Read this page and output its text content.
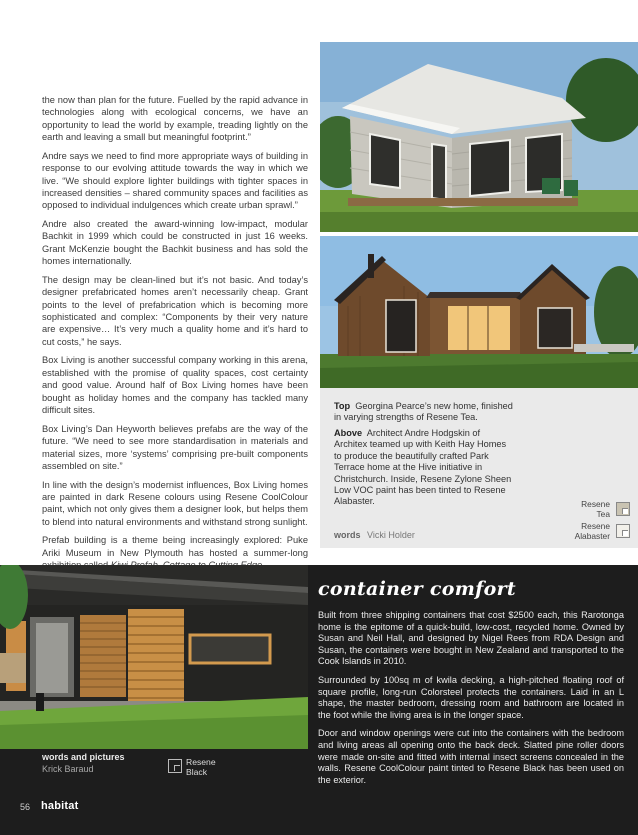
the now than plan for the future. Fuelled by the rapid advance in technologies along with ecological concerns, we have an opportunity to lead the world by example, treading lightly on the earth and leaving a small but meaningful footprint.”

Andre says we need to find more appropriate ways of building in response to our evolving attitude towards the way in which we live. “We should explore lighter buildings with tighter spaces in increased densities – shared community spaces and facilities as opposed to individual indulgences which create urban sprawl.”

Andre also created the award-winning low-impact, modular Bachkit in 1999 which could be constructed in just 16 weeks. Grant McKenzie bought the Bachkit business and has sold the homes internationally.

The design may be clean-lined but it’s not basic. And today’s designer prefabricated homes aren’t necessarily cheap. Grant points to the level of prefabrication which is becoming more sophisticated and complex: “Components by their very nature are expensive… It’s very much a quality home and it’s hard to cut costs,” he says.

Box Living is another successful company working in this arena, established with the promise of quality spaces, cost certainty and good value. Around half of Box Living homes have been bought as holiday homes and the company has tackled many difficult sites.

Box Living’s Dan Heyworth believes prefabs are the way of the future. “We need to see more standardisation in materials and material sizes, more ‘systems’ comprising pre-built components assembled on site.”

In line with the design’s modernist influences, Box Living homes are painted in dark Resene colours using Resene CoolColour paint, which not only gives them a designer look, but helps them to blend into natural environments and withstand strong sunlight.

Prefab building is a theme being increasingly explored: Puke Ariki Museum in New Plymouth has hosted a summer-long

Top Georgina Pearce’s new home, finished in varying strengths of Resene Tea.
Above Architect Andre Hodgskin of Architex teamed up with Keith Hay Homes to produce the beautifully crafted Park Terrace home at the Hive initiative in Christchurch. Inside, Resene Zylone Sheen Low VOC paint has been tinted to Resene Alabaster.
words Vicki Holder
Resene
Tea
Resene
Alabaster
container comfort

Built from three shipping containers that cost $2500 each, this Rarotonga home is the epitome of a quick-build, low-cost, recycled home. Owned by Susan and Neil Hall, and designed by Nigel Rees from RDA Design and Susan, the containers were bought in New Zealand and transported to the Cook Islands in 2010.

Surrounded by 100sq m of kwila decking, a high-pitched floating roof of square profile, long-run Colorsteel protects the containers. Laid in an L shape, the master bedroom, dressing room and bathroom are located in the foot while the living area is in the longer space.

Door and window openings were cut into the containers with the bedroom and living areas all opening onto the back deck. Slatted pine roller doors were made on-site and fitted with internal insect screens concealed in the walls. Resene CoolColour paint tinted to Resene Black has been used on the exterior.

words and pictures
Krick Baraud
Resene
Black
56 habitat
